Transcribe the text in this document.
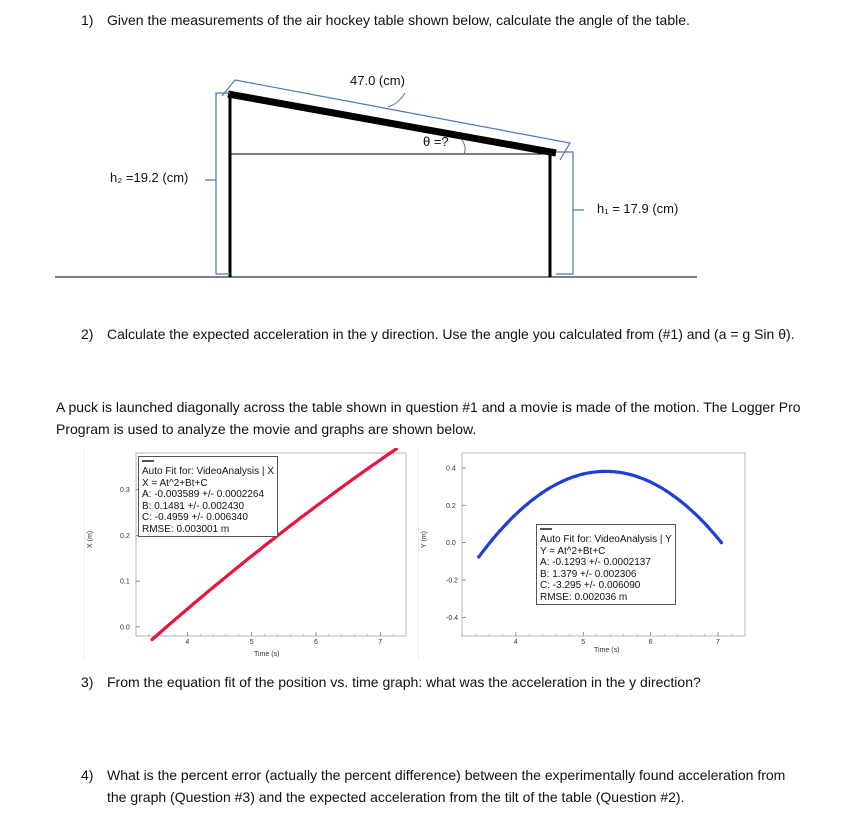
1) Given the measurements of the air hockey table shown below, calculate the angle of the table.
47.0 (cm)
θ =?
h₂ =19.2 (cm)
h₁ = 17.9 (cm)
2) Calculate the expected acceleration in the y direction. Use the angle you calculated from (#1) and (a = g Sin θ).
A puck is launched diagonally across the table shown in question #1 and a movie is made of the motion. The Logger Pro
Program is used to analyze the movie and graphs are shown below.
X (m)
Time (s)
4	5	6	7
0.0
0.1
0.2
0.3
Auto Fit for: VideoAnalysis | X
X = At^2+Bt+C
A: -0.003589 +/- 0.0002264
B: 0.1481 +/- 0.002430
C: -0.4959 +/- 0.006340
RMSE: 0.003001 m
Y (m)
Time (s)
4	5	6	7
0.4
0.2
0.0
-0.2
-0.4
Auto Fit for: VideoAnalysis | Y
Y = At^2+Bt+C
A: -0.1293 +/- 0.0002137
B: 1.379 +/- 0.002306
C: -3.295 +/- 0.006090
RMSE: 0.002036 m
3) From the equation fit of the position vs. time graph: what was the acceleration in the y direction?
4) What is the percent error (actually the percent difference) between the experimentally found acceleration from
the graph (Question #3) and the expected acceleration from the tilt of the table (Question #2).
